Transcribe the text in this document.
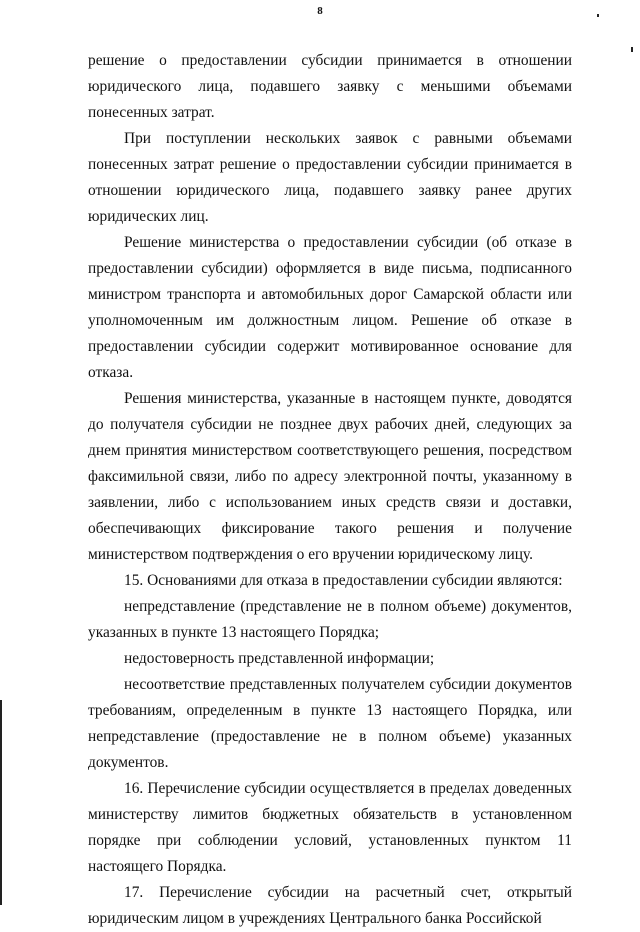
8

решение о предоставлении субсидии принимается в отношении юридического лица, подавшего заявку с меньшими объемами понесенных затрат.

При поступлении нескольких заявок с равными объемами понесенных затрат решение о предоставлении субсидии принимается в отношении юридического лица, подавшего заявку ранее других юридических лиц.

Решение министерства о предоставлении субсидии (об отказе в предоставлении субсидии) оформляется в виде письма, подписанного министром транспорта и автомобильных дорог Самарской области или уполномоченным им должностным лицом. Решение об отказе в предоставлении субсидии содержит мотивированное основание для отказа.

Решения министерства, указанные в настоящем пункте, доводятся до получателя субсидии не позднее двух рабочих дней, следующих за днем принятия министерством соответствующего решения, посредством факсимильной связи, либо по адресу электронной почты, указанному в заявлении, либо с использованием иных средств связи и доставки, обеспечивающих фиксирование такого решения и получение министерством подтверждения о его вручении юридическому лицу.

15. Основаниями для отказа в предоставлении субсидии являются:

непредставление (представление не в полном объеме) документов, указанных в пункте 13 настоящего Порядка;

недостоверность представленной информации;

несоответствие представленных получателем субсидии документов требованиям, определенным в пункте 13 настоящего Порядка, или непредставление (предоставление не в полном объеме) указанных документов.

16. Перечисление субсидии осуществляется в пределах доведенных министерству лимитов бюджетных обязательств в установленном порядке при соблюдении условий, установленных пунктом 11 настоящего Порядка.

17. Перечисление субсидии на расчетный счет, открытый юридическим лицом в учреждениях Центрального банка Российской
